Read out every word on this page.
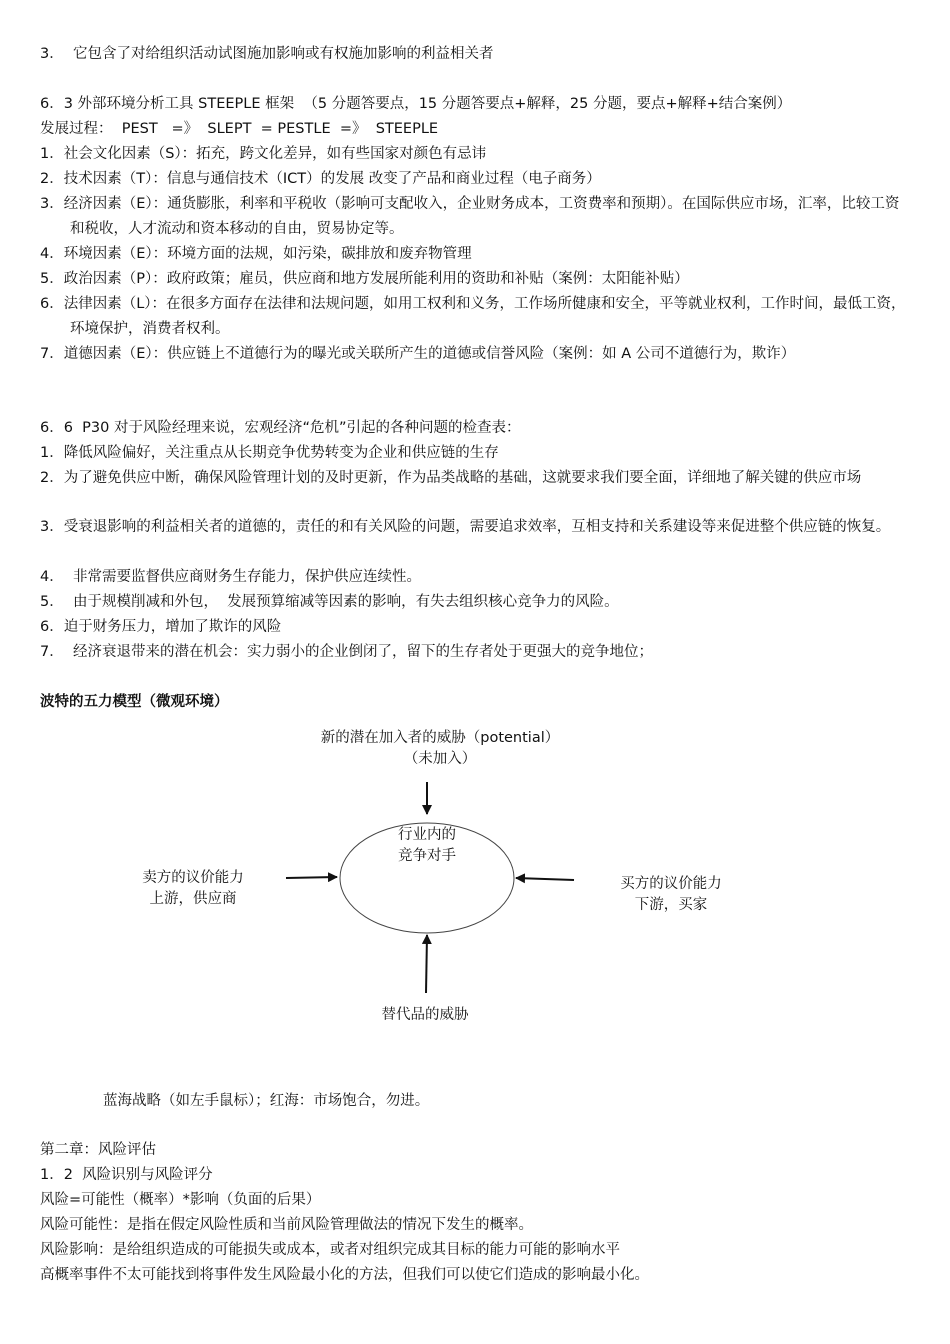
3．  它包含了对给组织活动试图施加影响或有权施加影响的利益相关者
6．3 外部环境分析工具 STEEPLE 框架  （5 分题答要点，15 分题答要点+解释，25 分题，要点+解释+结合案例）
发展过程：  PEST   =》  SLEPT  = PESTLE  =》  STEEPLE
1．社会文化因素（S）：拓充，跨文化差异，如有些国家对颜色有忌讳
2．技术因素（T）：信息与通信技术（ICT）的发展 改变了产品和商业过程（电子商务）
3．经济因素（E）：通货膨胀，利率和平税收（影响可支配收入，企业财务成本，工资费率和预期）。在国际供应市场，汇率，比较工资和税收，人才流动和资本移动的自由，贸易协定等。
4．环境因素（E）：环境方面的法规，如污染，碳排放和废弃物管理
5．政治因素（P）：政府政策；雇员，供应商和地方发展所能利用的资助和补贴（案例：太阳能补贴）
6．法律因素（L）：在很多方面存在法律和法规问题，如用工权利和义务，工作场所健康和安全，平等就业权利，工作时间，最低工资，环境保护，消费者权利。
7．道德因素（E）：供应链上不道德行为的曝光或关联所产生的道德或信誉风险（案例：如 A 公司不道德行为，欺诈）
6．6  P30 对于风险经理来说，宏观经济“危机”引起的各种问题的检查表：
1．降低风险偏好，关注重点从长期竞争优势转变为企业和供应链的生存
2．为了避免供应中断，确保风险管理计划的及时更新，作为品类战略的基础，这就要求我们要全面，详细地了解关键的供应市场
3．受衰退影响的利益相关者的道德的，责任的和有关风险的问题，需要追求效率，互相支持和关系建设等来促进整个供应链的恢复。
4．  非常需要监督供应商财务生存能力，保护供应连续性。
5．  由于规模削减和外包，  发展预算缩减等因素的影响，有失去组织核心竞争力的风险。
6．迫于财务压力，增加了欺诈的风险
7．  经济衰退带来的潜在机会：实力弱小的企业倒闭了，留下的生存者处于更强大的竞争地位；
波特的五力模型（微观环境）
新的潜在加入者的威胁（potential）
（未加入）
行业内的
竞争对手
卖方的议价能力
上游，供应商
买方的议价能力
下游，买家
替代品的威胁
蓝海战略（如左手鼠标）；红海：市场饱合，勿进。
第二章：风险评估
1．2  风险识别与风险评分
风险=可能性（概率）*影响（负面的后果）
风险可能性：是指在假定风险性质和当前风险管理做法的情况下发生的概率。
风险影响：是给组织造成的可能损失或成本，或者对组织完成其目标的能力可能的影响水平
高概率事件不太可能找到将事件发生风险最小化的方法，但我们可以使它们造成的影响最小化。
